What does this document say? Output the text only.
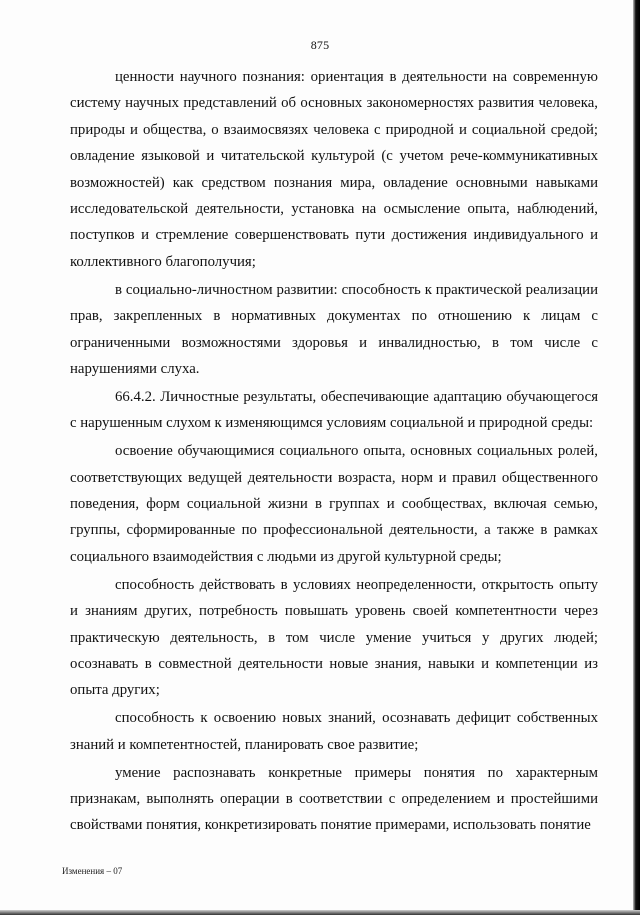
875

ценности научного познания: ориентация в деятельности на современную систему научных представлений об основных закономерностях развития человека, природы и общества, о взаимосвязях человека с природной и социальной средой; овладение языковой и читательской культурой (с учетом рече-коммуникативных возможностей) как средством познания мира, овладение основными навыками исследовательской деятельности, установка на осмысление опыта, наблюдений, поступков и стремление совершенствовать пути достижения индивидуального и коллективного благополучия;

в социально-личностном развитии: способность к практической реализации прав, закрепленных в нормативных документах по отношению к лицам с ограниченными возможностями здоровья и инвалидностью, в том числе с нарушениями слуха.

66.4.2. Личностные результаты, обеспечивающие адаптацию обучающегося с нарушенным слухом к изменяющимся условиям социальной и природной среды:

освоение обучающимися социального опыта, основных социальных ролей, соответствующих ведущей деятельности возраста, норм и правил общественного поведения, форм социальной жизни в группах и сообществах, включая семью, группы, сформированные по профессиональной деятельности, а также в рамках социального взаимодействия с людьми из другой культурной среды;

способность действовать в условиях неопределенности, открытость опыту и знаниям других, потребность повышать уровень своей компетентности через практическую деятельность, в том числе умение учиться у других людей; осознавать в совместной деятельности новые знания, навыки и компетенции из опыта других;

способность к освоению новых знаний, осознавать дефицит собственных знаний и компетентностей, планировать свое развитие;

умение распознавать конкретные примеры понятия по характерным признакам, выполнять операции в соответствии с определением и простейшими свойствами понятия, конкретизировать понятие примерами, использовать понятие

Изменения – 07
